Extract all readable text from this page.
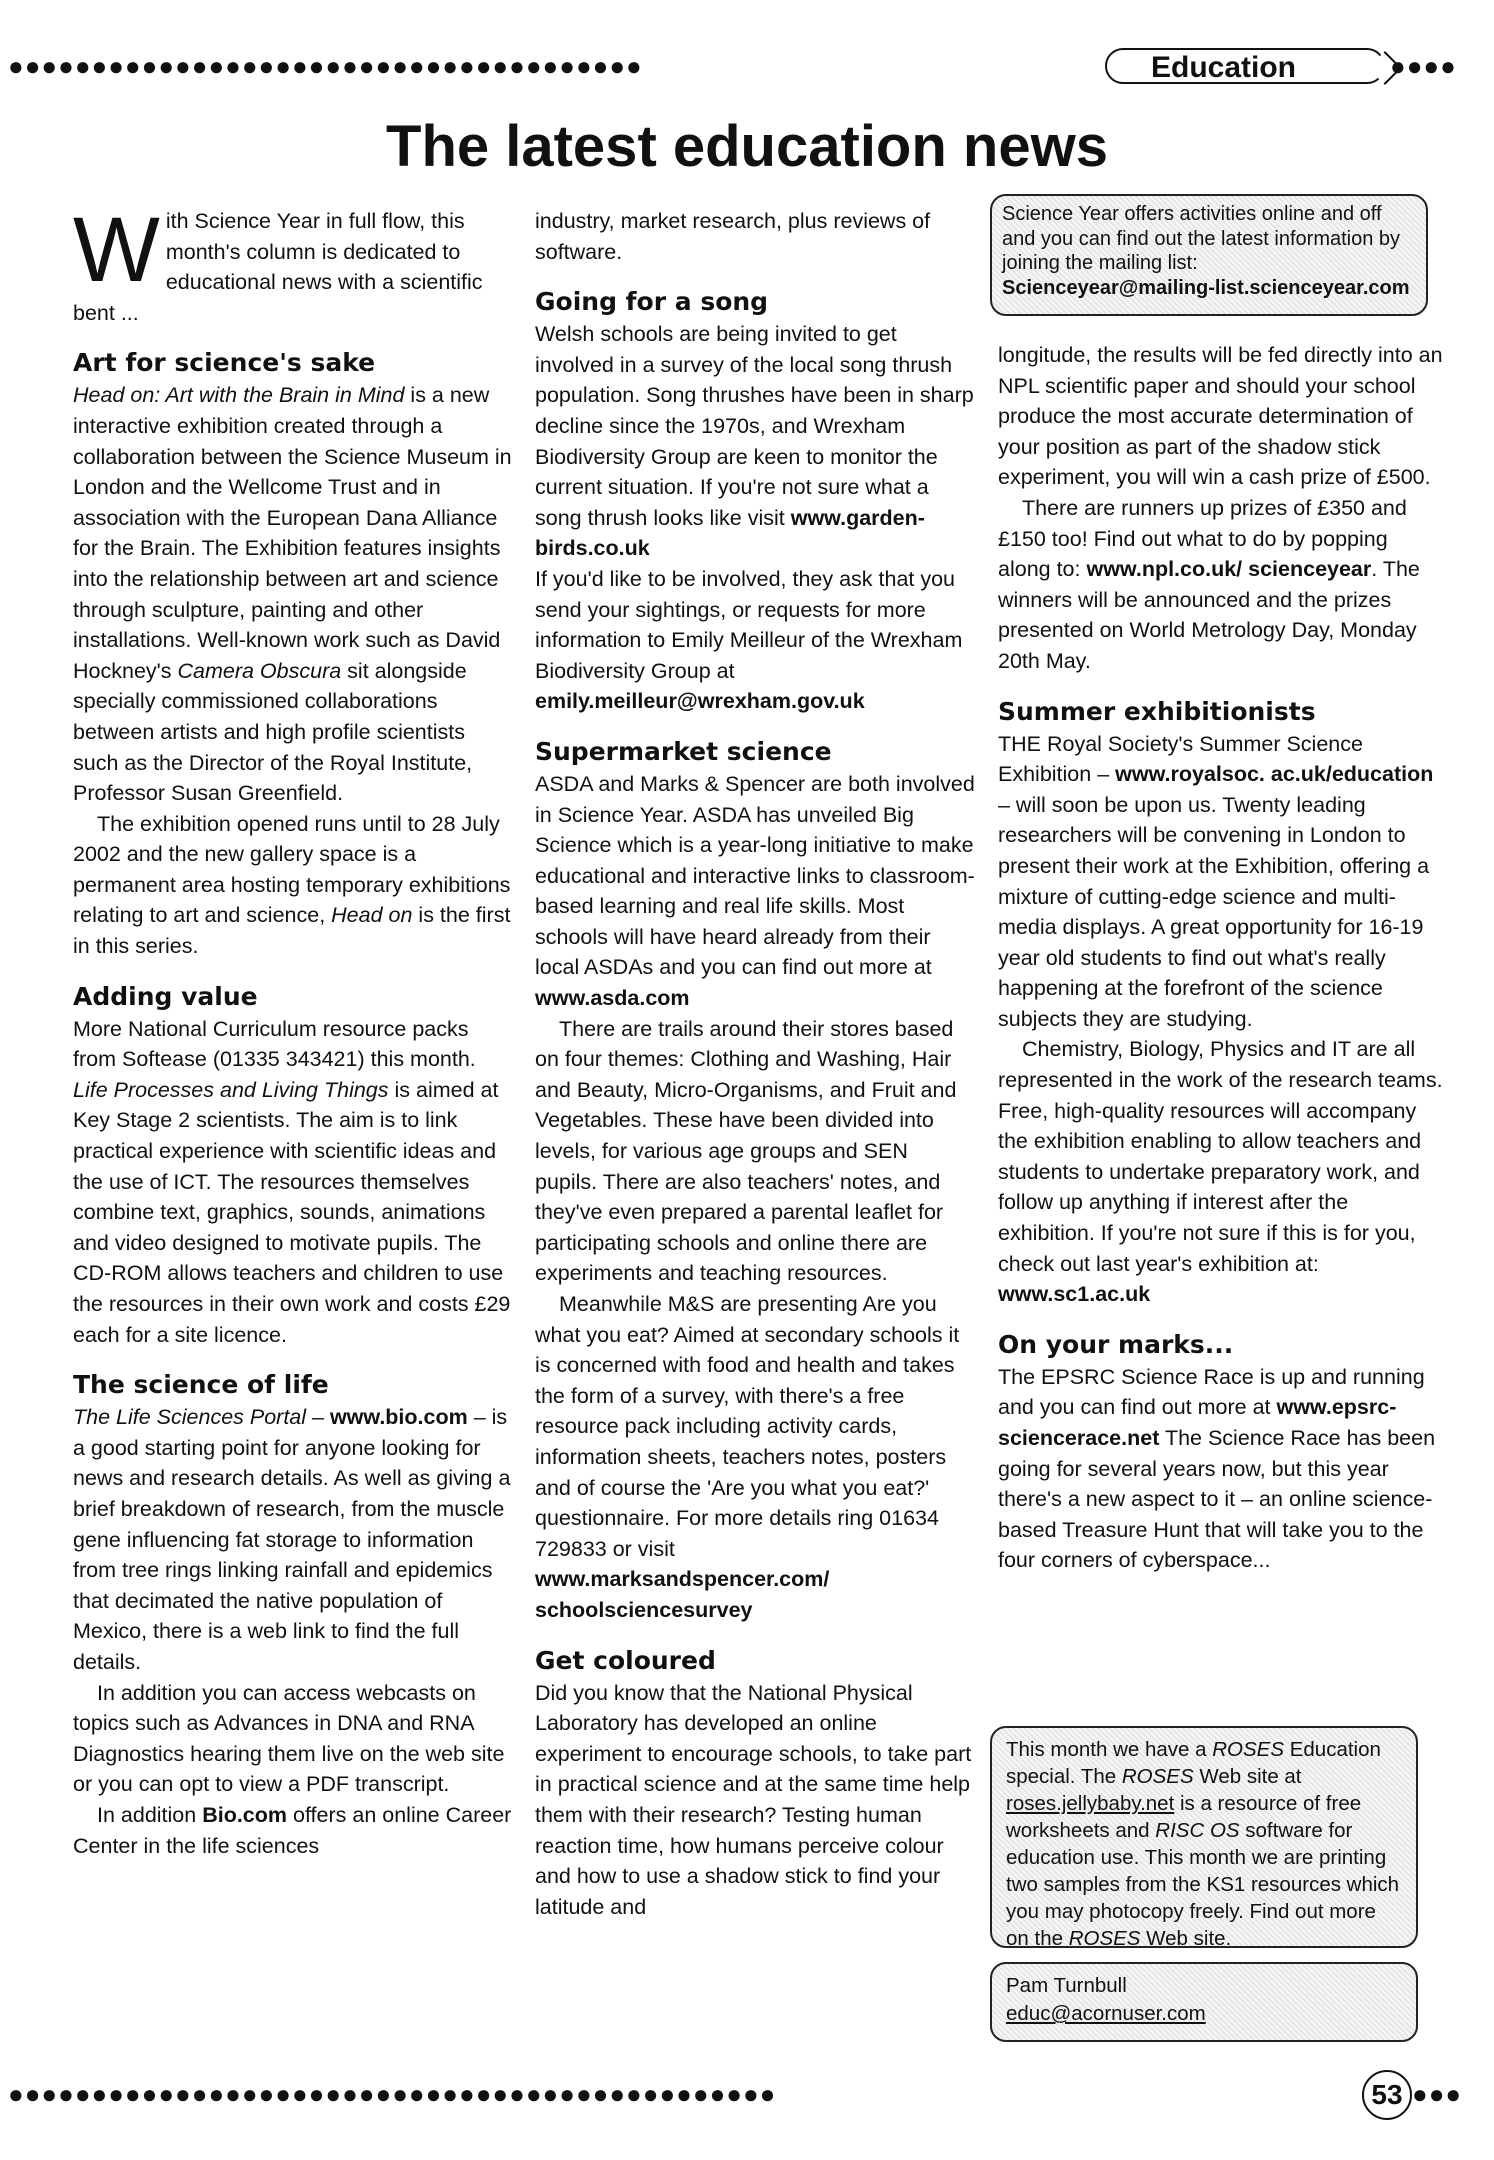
●●●●●●●●●●●●●●●●●●●●●●●●●●●●●●●●●●●●●●	Education	●●●●
The latest education news

With Science Year in full flow, this month's column is dedicated to educational news with a scientific bent ...

Art for science's sake

Head on: Art with the Brain in Mind is a new interactive exhibition created through a collaboration between the Science Museum in London and the Wellcome Trust and in association with the European Dana Alliance for the Brain. The Exhibition features insights into the relationship between art and science through sculpture, painting and other installations. Well-known work such as David Hockney's Camera Obscura sit alongside specially commissioned collaborations between artists and high profile scientists such as the Director of the Royal Institute, Professor Susan Greenfield.

The exhibition opened runs until to 28 July 2002 and the new gallery space is a permanent area hosting temporary exhibitions relating to art and science, Head on is the first in this series.

Adding value

More National Curriculum resource packs from Softease (01335 343421) this month. Life Processes and Living Things is aimed at Key Stage 2 scientists. The aim is to link practical experience with scientific ideas and the use of ICT. The resources themselves combine text, graphics, sounds, animations and video designed to motivate pupils. The CD-ROM allows teachers and children to use the resources in their own work and costs £29 each for a site licence.

The science of life

The Life Sciences Portal – www.bio.com – is a good starting point for anyone looking for news and research details. As well as giving a brief breakdown of research, from the muscle gene influencing fat storage to information from tree rings linking rainfall and epidemics that decimated the native population of Mexico, there is a web link to find the full details.

In addition you can access webcasts on topics such as Advances in DNA and RNA Diagnostics hearing them live on the web site or you can opt to view a PDF transcript.

In addition Bio.com offers an online Career Center in the life sciences

industry, market research, plus reviews of software.

Going for a song

Welsh schools are being invited to get involved in a survey of the local song thrush population. Song thrushes have been in sharp decline since the 1970s, and Wrexham Biodiversity Group are keen to monitor the current situation. If you're not sure what a song thrush looks like visit www.garden-birds.co.uk

If you'd like to be involved, they ask that you send your sightings, or requests for more information to Emily Meilleur of the Wrexham Biodiversity Group at

emily.meilleur@wrexham.gov.uk

Supermarket science

ASDA and Marks & Spencer are both involved in Science Year. ASDA has unveiled Big Science which is a year-long initiative to make educational and interactive links to classroom-based learning and real life skills. Most schools will have heard already from their local ASDAs and you can find out more at

www.asda.com

There are trails around their stores based on four themes: Clothing and Washing, Hair and Beauty, Micro-Organisms, and Fruit and Vegetables. These have been divided into levels, for various age groups and SEN pupils. There are also teachers' notes, and they've even prepared a parental leaflet for participating schools and online there are experiments and teaching resources.

Meanwhile M&S are presenting Are you what you eat? Aimed at secondary schools it is concerned with food and health and takes the form of a survey, with there's a free resource pack including activity cards, information sheets, teachers notes, posters and of course the 'Are you what you eat?' questionnaire. For more details ring 01634 729833 or visit

www.marksandspencer.com/ schoolsciencesurvey

Get coloured

Did you know that the National Physical Laboratory has developed an online experiment to encourage schools, to take part in practical science and at the same time help them with their research? Testing human reaction time, how humans perceive colour and how to use a shadow stick to find your latitude and

Science Year offers activities online and off and you can find out the latest information by joining the mailing list:

Scienceyear@mailing-list.scienceyear.com

longitude, the results will be fed directly into an NPL scientific paper and should your school produce the most accurate determination of your position as part of the shadow stick experiment, you will win a cash prize of £500.

There are runners up prizes of £350 and £150 too! Find out what to do by popping along to: www.npl.co.uk/ scienceyear. The winners will be announced and the prizes presented on World Metrology Day, Monday 20th May.

Summer exhibitionists

THE Royal Society's Summer Science Exhibition – www.royalsoc. ac.uk/education – will soon be upon us. Twenty leading researchers will be convening in London to present their work at the Exhibition, offering a mixture of cutting-edge science and multi-media displays. A great opportunity for 16-19 year old students to find out what's really happening at the forefront of the science subjects they are studying.

Chemistry, Biology, Physics and IT are all represented in the work of the research teams. Free, high-quality resources will accompany the exhibition enabling to allow teachers and students to undertake preparatory work, and follow up anything if interest after the exhibition. If you're not sure if this is for you, check out last year's exhibition at:

www.sc1.ac.uk

On your marks...

The EPSRC Science Race is up and running and you can find out more at www.epsrc-sciencerace.net The Science Race has been going for several years now, but this year there's a new aspect to it – an online science-based Treasure Hunt that will take you to the four corners of cyberspace...

This month we have a ROSES Education special. The ROSES Web site at roses.jellybaby.net is a resource of free worksheets and RISC OS software for education use. This month we are printing two samples from the KS1 resources which you may photocopy freely. Find out more on the ROSES Web site.

Pam Turnbull

educ@acornuser.com

●●●●●●●●●●●●●●●●●●●●●●●●●●●●●●●●●●●●●●●●●●●●●●	53 ●●●
